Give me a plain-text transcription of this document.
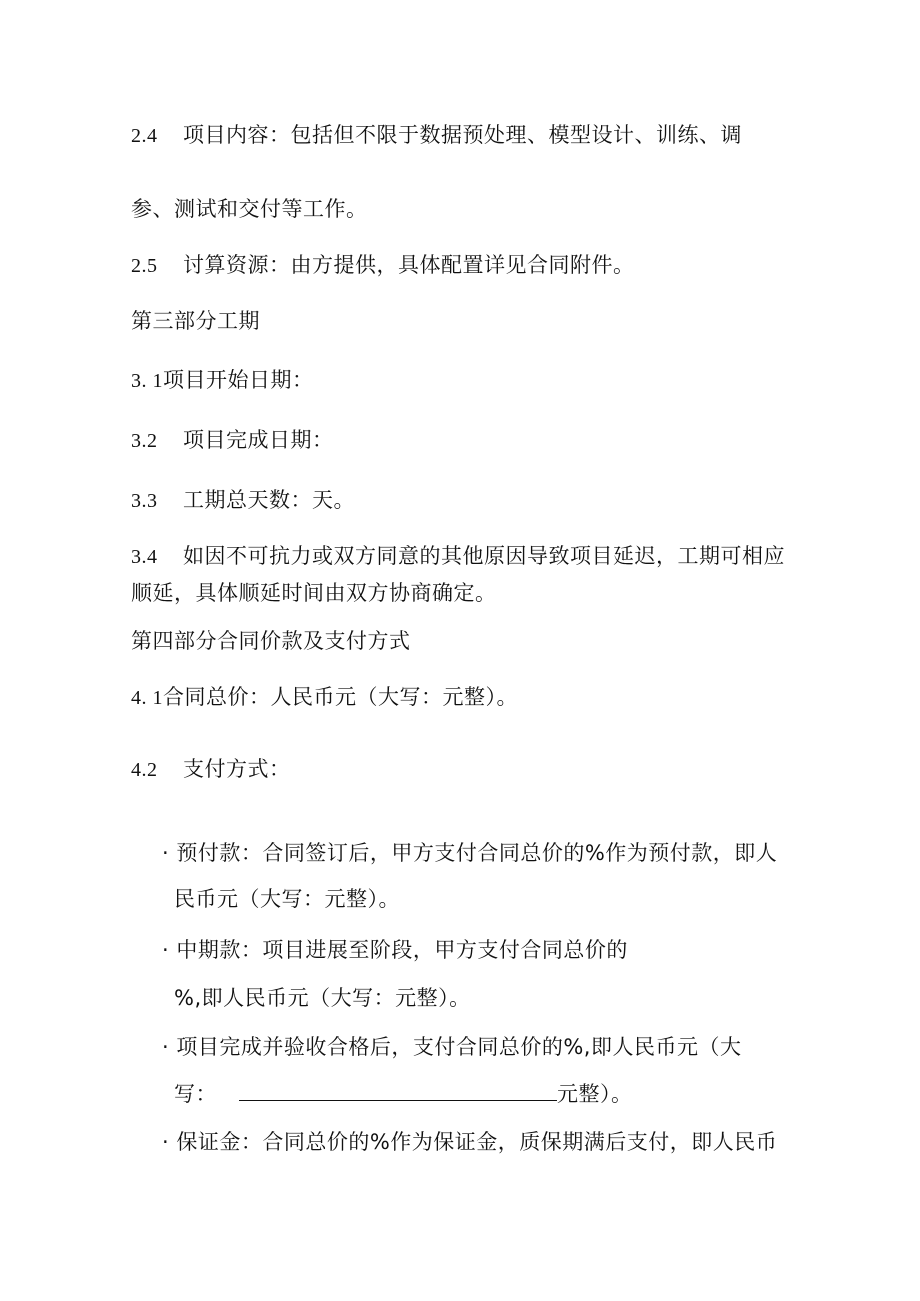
2.4 项目内容：包括但不限于数据预处理、模型设计、训练、调
参、测试和交付等工作。
2.5 讨算资源：由方提供，具体配置详见合同附件。
第三部分工期
3. 1项目开始日期：
3.2 项目完成日期：
3.3 工期总天数：天。
3.4 如因不可抗力或双方同意的其他原因导致项目延迟，工期可相应
顺延，具体顺延时间由双方协商确定。
第四部分合同价款及支付方式
4. 1合同总价：人民币元（大写：元整）。
4.2 支付方式：
· 预付款：合同签订后，甲方支付合同总价的%作为预付款，即人
民币元（大写：元整）。
· 中期款：项目进展至阶段，甲方支付合同总价的
%,即人民币元（大写：元整）。
· 项目完成并验收合格后，支付合同总价的%,即人民币元（大
写：	元整）。
· 保证金：合同总价的%作为保证金，质保期满后支付，即人民币
